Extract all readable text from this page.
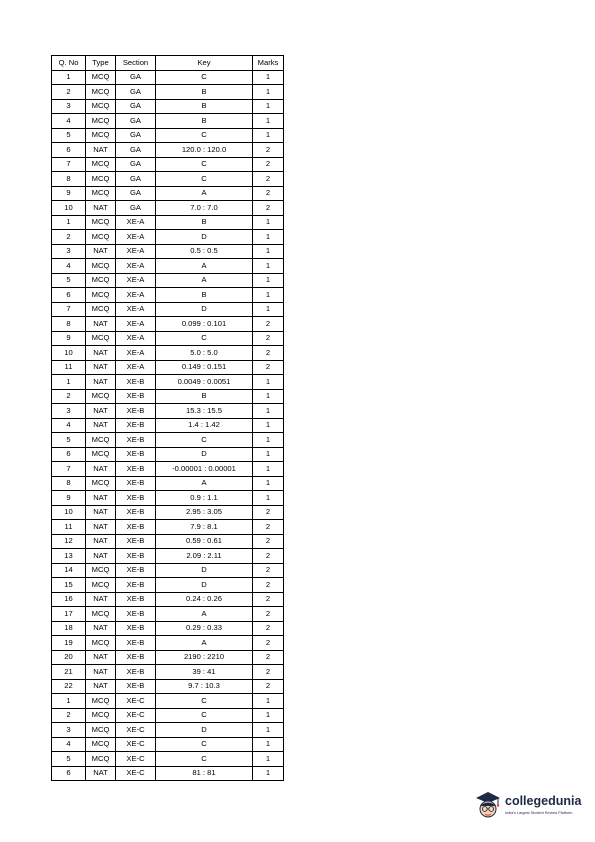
Q. No	Type	Section	Key	Marks
1	MCQ	GA	C	1
2	MCQ	GA	B	1
3	MCQ	GA	B	1
4	MCQ	GA	B	1
5	MCQ	GA	C	1
6	NAT	GA	120.0 : 120.0	2
7	MCQ	GA	C	2
8	MCQ	GA	C	2
9	MCQ	GA	A	2
10	NAT	GA	7.0 : 7.0	2
1	MCQ	XE-A	B	1
2	MCQ	XE-A	D	1
3	NAT	XE-A	0.5 : 0.5	1
4	MCQ	XE-A	A	1
5	MCQ	XE-A	A	1
6	MCQ	XE-A	B	1
7	MCQ	XE-A	D	1
8	NAT	XE-A	0.099 : 0.101	2
9	MCQ	XE-A	C	2
10	NAT	XE-A	5.0 : 5.0	2
11	NAT	XE-A	0.149 : 0.151	2
1	NAT	XE-B	0.0049 : 0.0051	1
2	MCQ	XE-B	B	1
3	NAT	XE-B	15.3 : 15.5	1
4	NAT	XE-B	1.4 : 1.42	1
5	MCQ	XE-B	C	1
6	MCQ	XE-B	D	1
7	NAT	XE-B	-0.00001 : 0.00001	1
8	MCQ	XE-B	A	1
9	NAT	XE-B	0.9 : 1.1	1
10	NAT	XE-B	2.95 : 3.05	2
11	NAT	XE-B	7.9 : 8.1	2
12	NAT	XE-B	0.59 : 0.61	2
13	NAT	XE-B	2.09 : 2.11	2
14	MCQ	XE-B	D	2
15	MCQ	XE-B	D	2
16	NAT	XE-B	0.24 : 0.26	2
17	MCQ	XE-B	A	2
18	NAT	XE-B	0.29 : 0.33	2
19	MCQ	XE-B	A	2
20	NAT	XE-B	2190 : 2210	2
21	NAT	XE-B	39 : 41	2
22	NAT	XE-B	9.7 : 10.3	2
1	MCQ	XE-C	C	1
2	MCQ	XE-C	C	1
3	MCQ	XE-C	D	1
4	MCQ	XE-C	C	1
5	MCQ	XE-C	C	1
6	NAT	XE-C	81 : 81	1
collegedunia
India's Largest Student Review Platform
